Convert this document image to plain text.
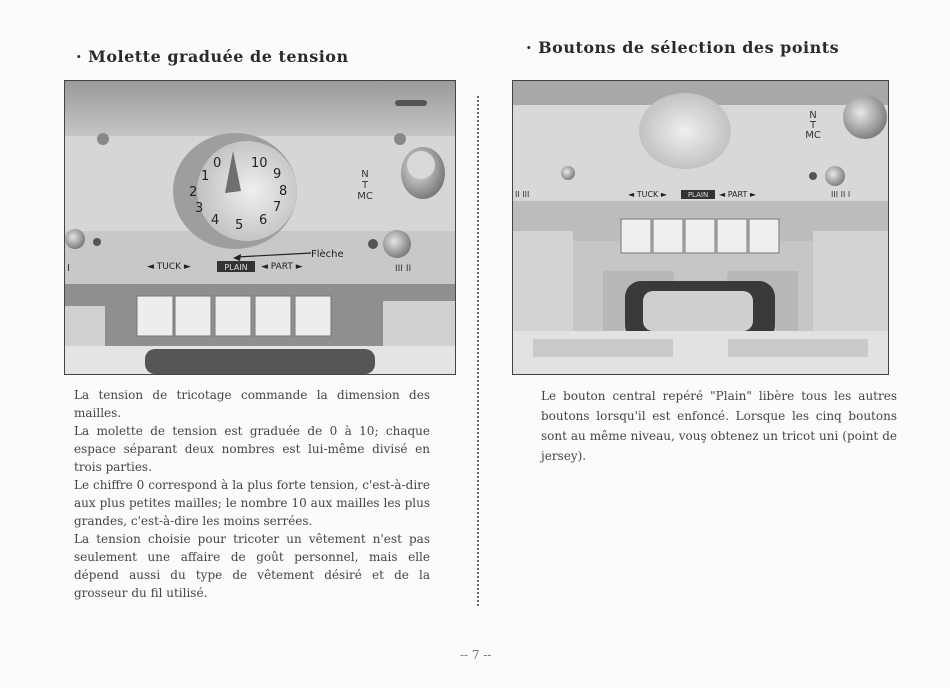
· Molette graduée de tension	· Boutons de sélection des points
0
1
2
3
4 5 6
7
8
9
10
N
T
MC
Flèche
◄ TUCK ►	PLAIN ◄ PART ►
I	III II
N
T
MC
II III	◄ TUCK ►	PLAIN ◄ PART ►	III II I

La tension de tricotage commande la dimension des mailles.

La molette de tension est graduée de 0 à 10; chaque espace séparant deux nombres est lui-même divisé en trois parties.

Le chiffre 0 correspond à la plus forte tension, c'est-à-dire aux plus petites mailles; le nombre 10 aux mailles les plus grandes, c'est-à-dire les moins serrées.

La tension choisie pour tricoter un vêtement n'est pas seulement une affaire de goût personnel, mais elle dépend aussi du type de vêtement désiré et de la grosseur du fil utilisé.

Le bouton central repéré "Plain" libère tous les autres boutons lorsqu'il est enfoncé. Lorsque les cinq boutons sont au même niveau, vouş obtenez un tricot uni (point de jersey).
-- 7 --
